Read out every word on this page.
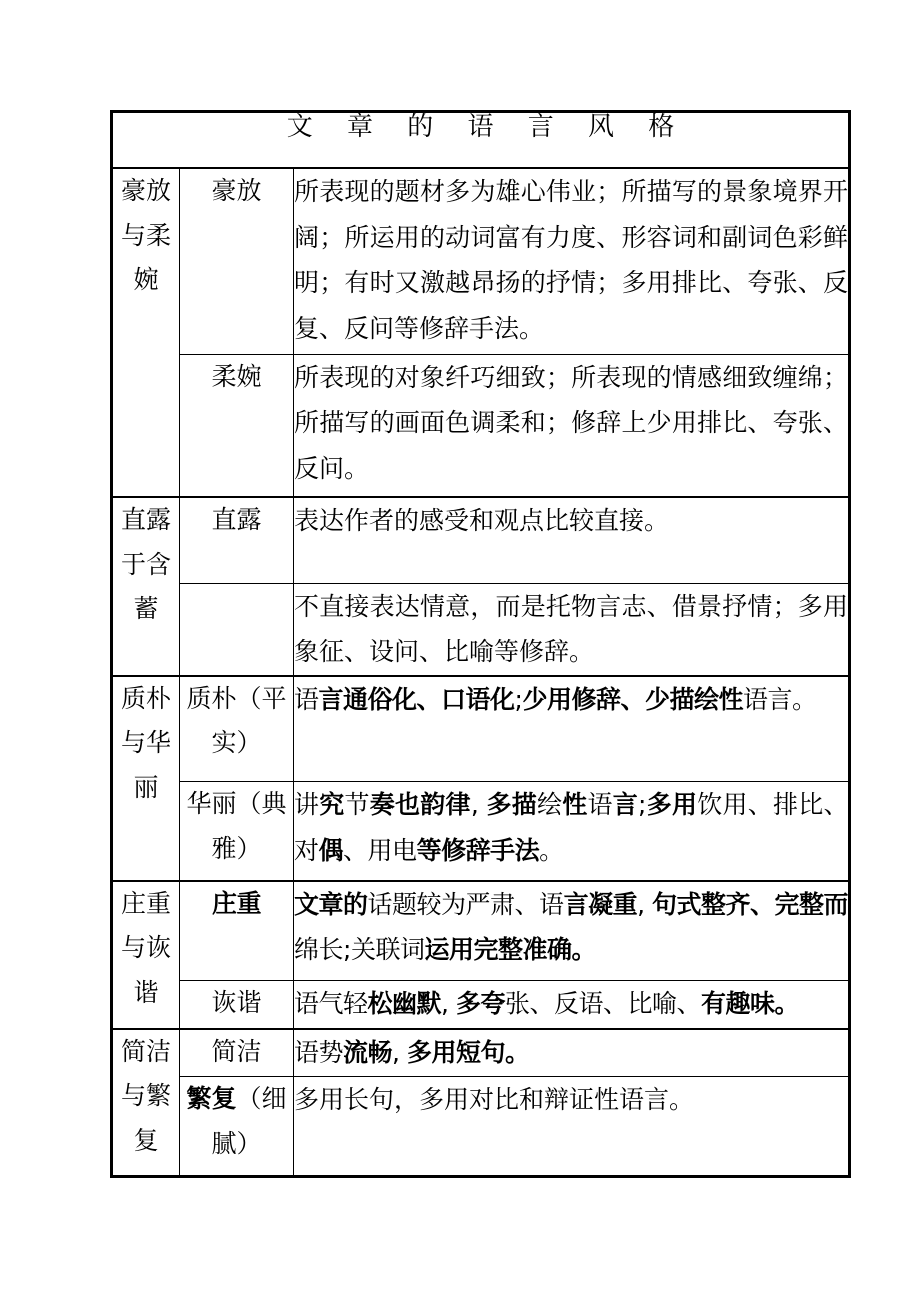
文 章 的 语 言 风 格		

豪放与柔婉	豪放	所表现的题材多为雄心伟业；所描写的景象境界开阔；所运用的动词富有力度、形容词和副词色彩鲜明；有时又激越昂扬的抒情；多用排比、夸张、反复、反问等修辞手法。

	柔婉	所表现的对象纤巧细致；所表现的情感细致缠绵；所描写的画面色调柔和；修辞上少用排比、夸张、反问。

直露于含蓄	直露	表达作者的感受和观点比较直接。

		不直接表达情意，而是托物言志、借景抒情；多用象征、设问、比喻等修辞。

质朴与华丽	质朴（平实）	语言通俗化、口语化;少用修辞、少描绘性语言。

	华丽（典雅）	讲究节奏也韵律, 多描绘性语言;多用饮用、排比、对偶、用电等修辞手法。

庄重与诙谐	庄重	文章的话题较为严肃、语言凝重, 句式整齐、完整而绵长;关联词运用完整准确。

	诙谐	语气轻松幽默, 多夸张、反语、比喻、有趣味。

简洁与繁复	简洁	语势流畅, 多用短句。

	繁复（细腻）	多用长句，多用对比和辩证性语言。
